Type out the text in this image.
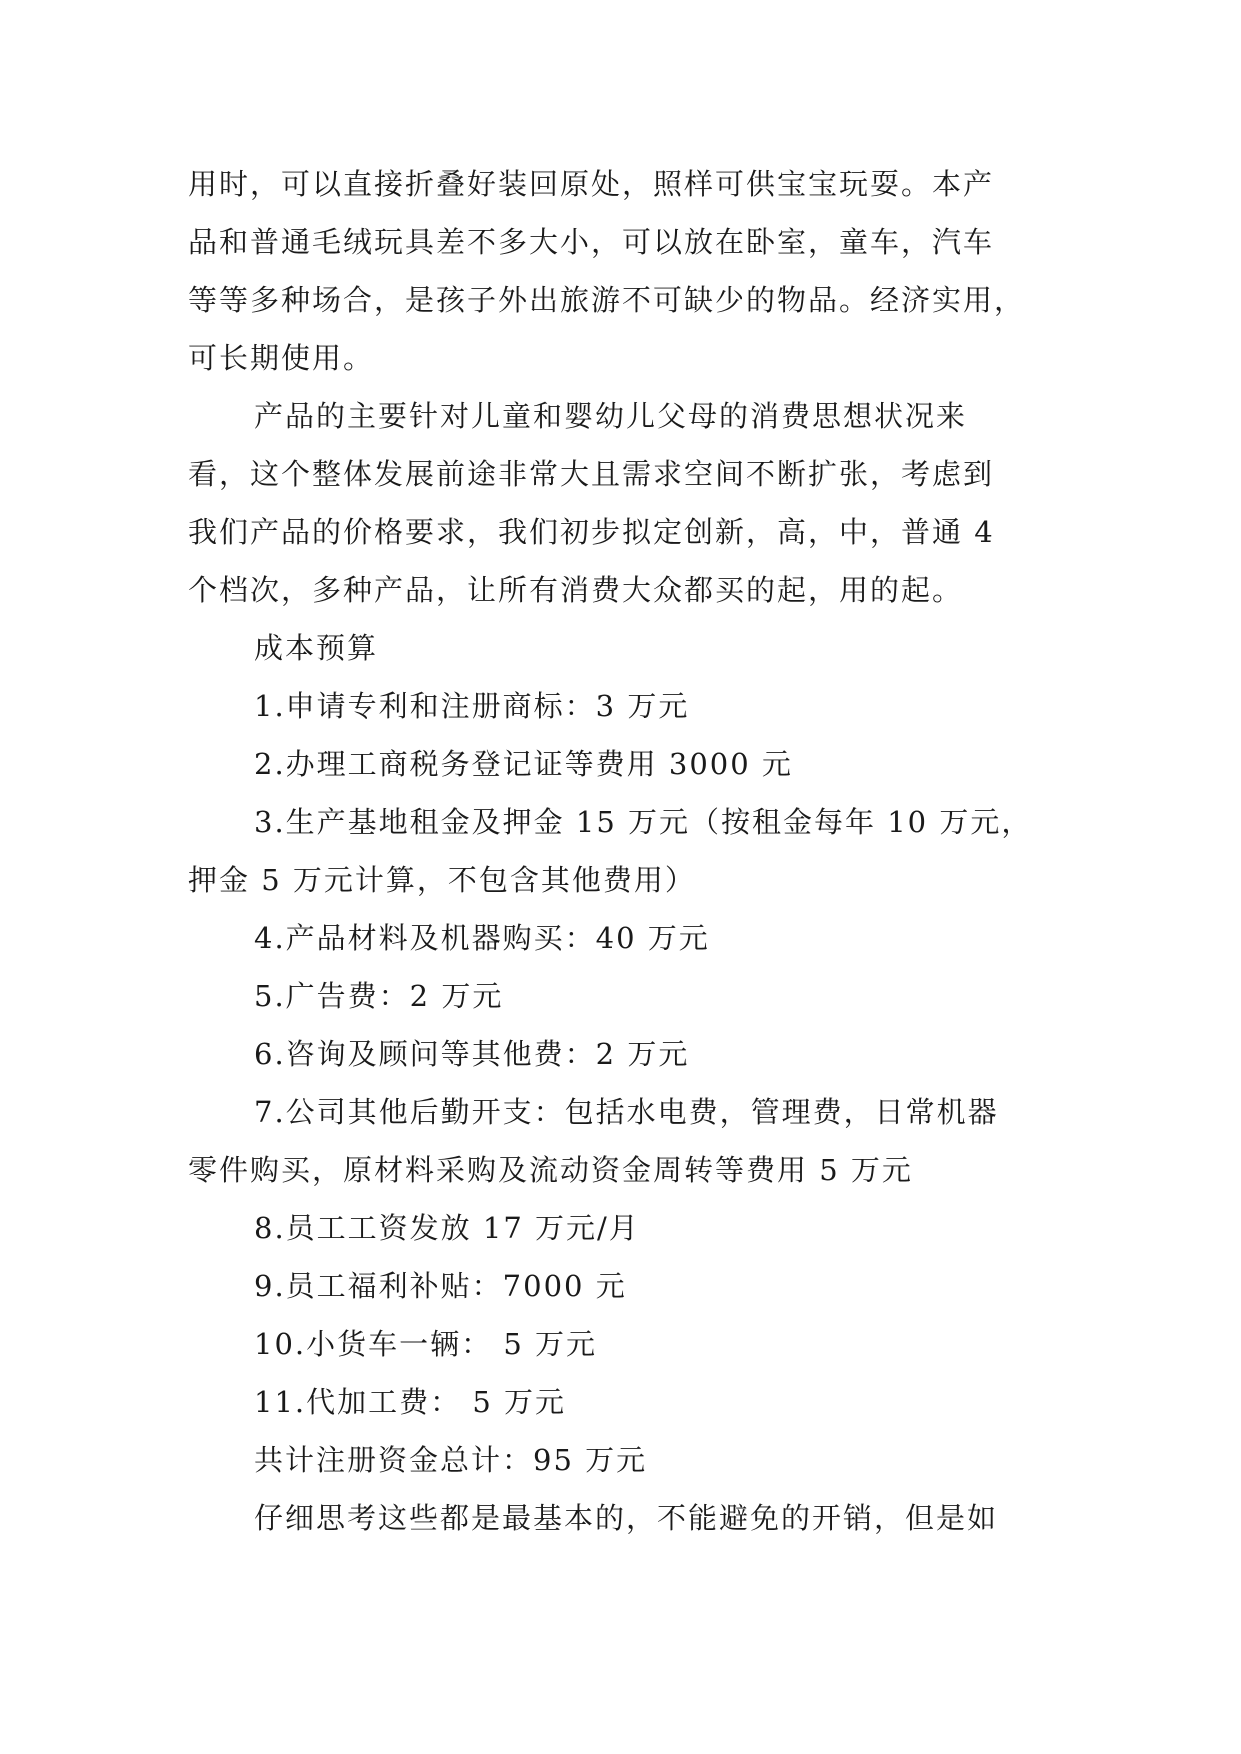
用时，可以直接折叠好装回原处，照样可供宝宝玩耍。本产
品和普通毛绒玩具差不多大小，可以放在卧室，童车，汽车
等等多种场合，是孩子外出旅游不可缺少的物品。经济实用，
可长期使用。
产品的主要针对儿童和婴幼儿父母的消费思想状况来
看，这个整体发展前途非常大且需求空间不断扩张，考虑到
我们产品的价格要求，我们初步拟定创新，高，中，普通 4
个档次，多种产品，让所有消费大众都买的起，用的起。
成本预算
1.申请专利和注册商标：3 万元
2.办理工商税务登记证等费用 3000 元
3.生产基地租金及押金 15 万元（按租金每年 10 万元，
押金 5 万元计算，不包含其他费用）
4.产品材料及机器购买：40 万元
5.广告费：2 万元
6.咨询及顾问等其他费：2 万元
7.公司其他后勤开支：包括水电费，管理费，日常机器
零件购买，原材料采购及流动资金周转等费用 5 万元
8.员工工资发放 17 万元/月
9.员工福利补贴：7000 元
10.小货车一辆： 5 万元
11.代加工费： 5 万元
共计注册资金总计：95 万元
仔细思考这些都是最基本的，不能避免的开销，但是如
